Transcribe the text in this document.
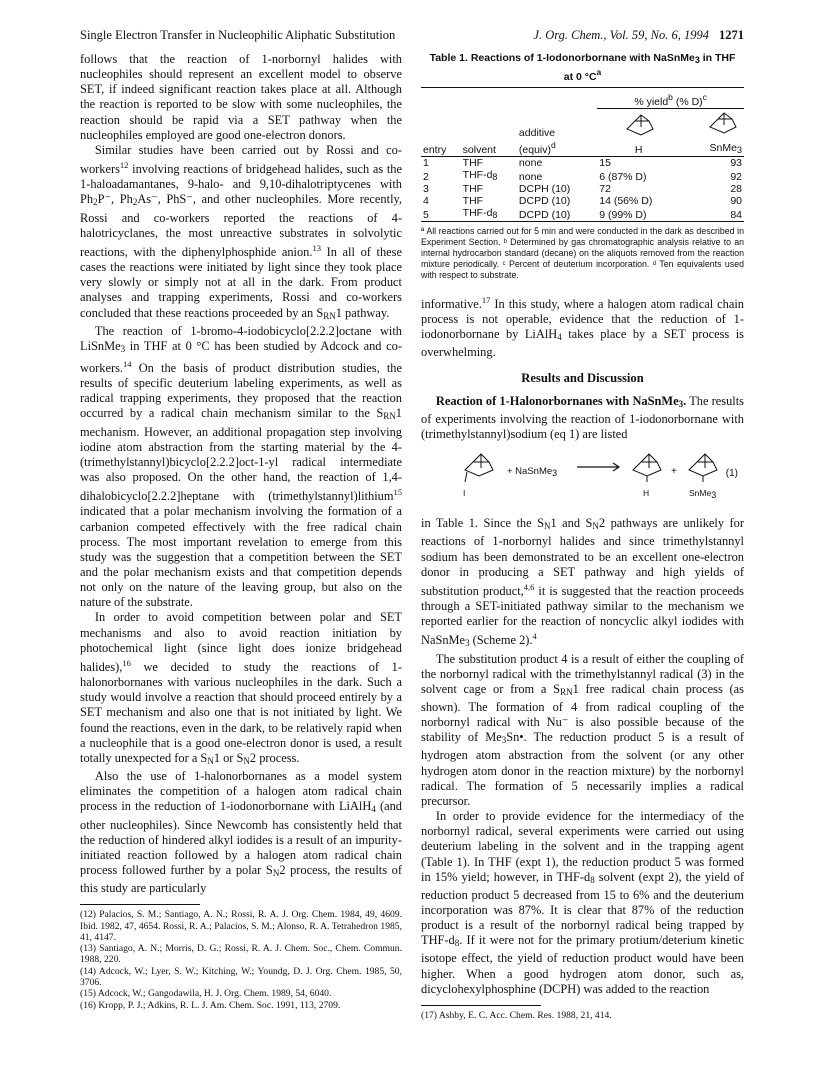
Single Electron Transfer in Nucleophilic Aliphatic Substitution	J. Org. Chem., Vol. 59, No. 6, 1994 1271

follows that the reaction of 1-norbornyl halides with nucleophiles should represent an excellent model to observe SET, if indeed significant reaction takes place at all. Although the reaction is reported to be slow with some nucleophiles, the reaction should be rapid via a SET pathway when the nucleophiles employed are good one-electron donors.

Similar studies have been carried out by Rossi and co-workers$^{12}$ involving reactions of bridgehead halides, such as the 1-haloadamantanes, 9-halo- and 9,10-dihalotriptycenes with $Ph_2P^-$, $Ph_2As^-$, PhS⁻, and other nucleophiles. More recently, Rossi and co-workers reported the reactions of 4-halotricyclanes, the most unreactive substrates in solvolytic reactions, with the diphenylphosphide anion.$^{13}$ In all of these cases the reactions were initiated by light since they took place very slowly or simply not at all in the dark. From product analyses and trapping experiments, Rossi and co-workers concluded that these reactions proceeded by an $S_{RN}1$ pathway.

The reaction of 1-bromo-4-iodobicyclo[2.2.2]octane with LiSnMe$_3$ in THF at 0 °C has been studied by Adcock and co-workers.$^{14}$ On the basis of product distribution studies, the results of specific deuterium labeling experiments, as well as radical trapping experiments, they proposed that the reaction occurred by a radical chain mechanism similar to the $S_{RN}1$ mechanism. However, an additional propagation step involving iodine atom abstraction from the starting material by the 4-(trimethylstannyl)bicyclo[2.2.2]oct-1-yl radical intermediate was also proposed. On the other hand, the reaction of 1,4-dihalobicyclo[2.2.2]heptane with (trimethylstannyl)lithium$^{15}$ indicated that a polar mechanism involving the formation of a carbanion competed effectively with the free radical chain process. The most important revelation to emerge from this study was the suggestion that a competition between the SET and the polar mechanism exists and that competition depends not only on the nature of the leaving group, but also on the nature of the substrate.

In order to avoid competition between polar and SET mechanisms and also to avoid reaction initiation by photochemical light (since light does ionize bridgehead halides),$^{16}$ we decided to study the reactions of 1-halonorbornanes with various nucleophiles in the dark. Such a study would involve a reaction that should proceed entirely by a SET mechanism and also one that is not initiated by light. We found the reactions, even in the dark, to be relatively rapid when a nucleophile that is a good one-electron donor is used, a result totally unexpected for a $S_N1$ or $S_N2$ process.

Also the use of 1-halonorbornanes as a model system eliminates the competition of a halogen atom radical chain process in the reduction of 1-iodonorbornane with LiAlH$_4$ (and other nucleophiles). Since Newcomb has consistently held that the reduction of hindered alkyl iodides is a result of an impurity-initiated reaction followed by a halogen atom radical chain process followed further by a polar $S_N2$ process, the results of this study are particularly

(12) Palacios, S. M.; Santiago, A. N.; Rossi, R. A. J. Org. Chem. 1984, 49, 4609. Ibid. 1982, 47, 4654. Rossi, R. A.; Palacios, S. M.; Alonso, R. A. Tetrahedron 1985, 41, 4147.

(13) Santiago, A. N.; Morris, D. G.; Rossi, R. A. J. Chem. Soc., Chem. Commun. 1988, 220.

(14) Adcock, W.; Lyer, S. W.; Kitching, W.; Youndg, D. J. Org. Chem. 1985, 50, 3706.

(15) Adcock, W.; Gangodawila, H. J. Org. Chem. 1989, 54, 6040.

(16) Kropp, P. J.; Adkins, R. L. J. Am. Chem. Soc. 1991, 113, 2709.

Table 1. Reactions of 1-Iodonorbornane with NaSnMe3 in THF at 0 $^\circ C^a$

			% yield$^b$ (% D)$^c$
entry	solvent	additive
(equiv)$^d$	H	SnMe3
1	THF	none	15	93
2	THF-d8	none	6 (87% D)	92
3	THF	DCPH (10)	72	28
4	THF	DCPD (10)	14 (56% D)	90
5	THF-d8	DCPD (10)	9 (99% D)	84
ª All reactions carried out for 5 min and were conducted in the dark as described in Experiment Section. ᵇ Determined by gas chromatographic analysis relative to an internal hydrocarbon standard (decane) on the aliquots removed from the reaction mixture periodically. ᶜ Percent of deuterium incorporation. ᵈ Ten equivalents used with respect to substrate.

informative.$^{17}$ In this study, where a halogen atom radical chain process is not operable, evidence that the reduction of 1-iodonorbornane by LiAlH$_4$ takes place by a SET process is overwhelming.

Results and Discussion

Reaction of 1-Halonorbornanes with NaSnMe$_3$. The results of experiments involving the reaction of 1-iodonorbornane with (trimethylstannyl)sodium (eq 1) are listed

I
+ NaSnMe3 →
H
+
SnMe3
(1)

in Table 1. Since the $S_N1$ and $S_N2$ pathways are unlikely for reactions of 1-norbornyl halides and since trimethylstannyl sodium has been demonstrated to be an excellent one-electron donor in producing a SET pathway and high yields of substitution product,$^{4,6}$ it is suggested that the reaction proceeds through a SET-initiated pathway similar to the mechanism we reported earlier for the reaction of noncyclic alkyl iodides with NaSnMe$_3$ (Scheme 2).$^4$

The substitution product 4 is a result of either the coupling of the norbornyl radical with the trimethylstannyl radical (3) in the solvent cage or from a $S_{RN}1$ free radical chain process (as shown). The formation of 4 from radical coupling of the norbornyl radical with Nu⁻ is also possible because of the stability of $Me_3Sn•$. The reduction product 5 is a result of hydrogen atom abstraction from the solvent (or any other hydrogen atom donor in the reaction mixture) by the norbornyl radical. The formation of 5 necessarily implies a radical precursor.

In order to provide evidence for the intermediacy of the norbornyl radical, several experiments were carried out using deuterium labeling in the solvent and in the trapping agent (Table 1). In THF (expt 1), the reduction product 5 was formed in 15% yield; however, in THF-$d_8$ solvent (expt 2), the yield of reduction product 5 decreased from 15 to 6% and the deuterium incorporation was 87%. It is clear that 87% of the reduction product is a result of the norbornyl radical being trapped by THF-$d_8$. If it were not for the primary protium/deterium kinetic isotope effect, the yield of reduction product would have been higher. When a good hydrogen atom donor, such as, dicyclohexylphosphine (DCPH) was added to the reaction

(17) Ashby, E. C. Acc. Chem. Res. 1988, 21, 414.
